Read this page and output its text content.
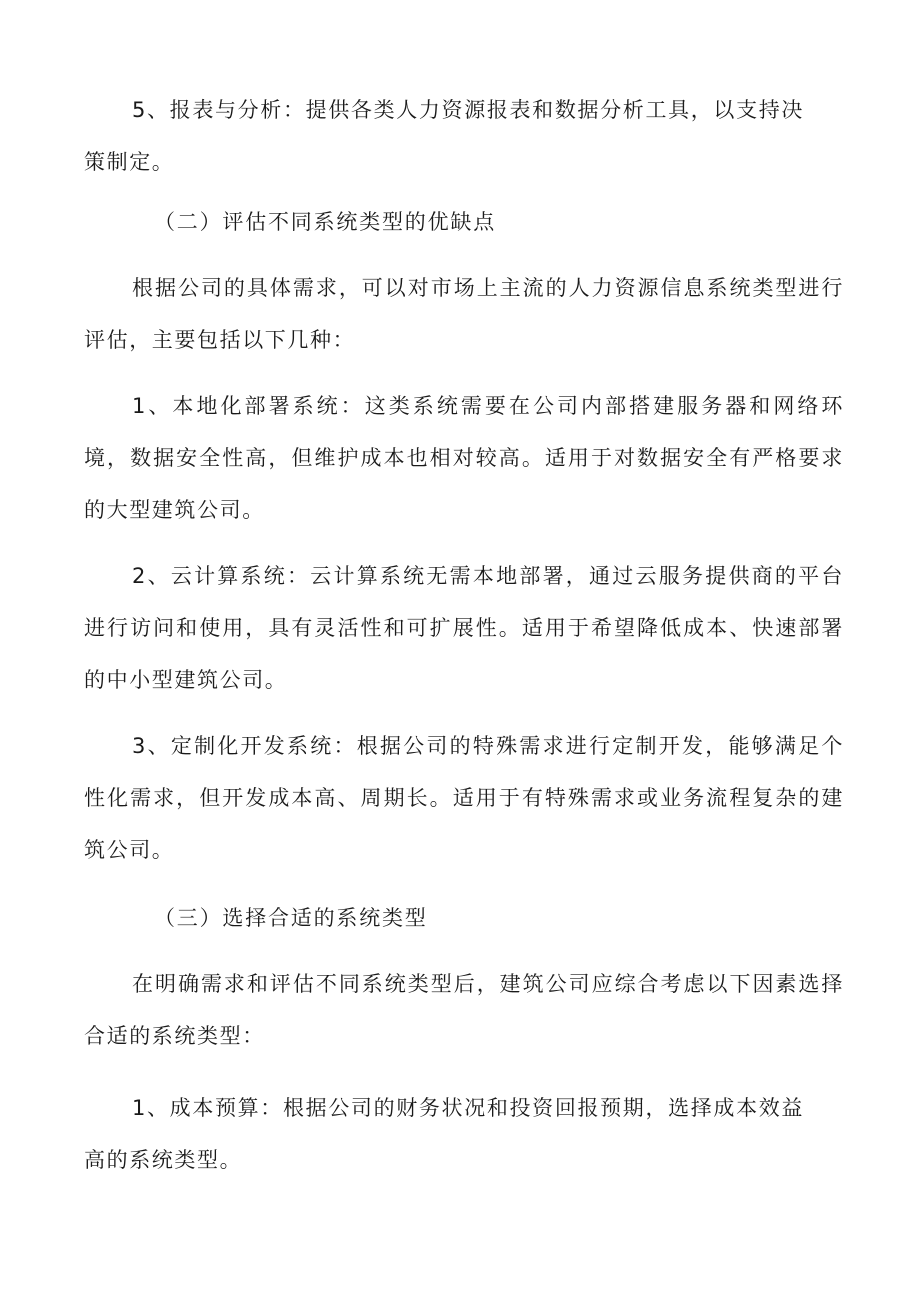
5、报表与分析：提供各类人力资源报表和数据分析工具，以支持决策制定。

（二）评估不同系统类型的优缺点

根据公司的具体需求，可以对市场上主流的人力资源信息系统类型进行评估，主要包括以下几种：

1、本地化部署系统：这类系统需要在公司内部搭建服务器和网络环境，数据安全性高，但维护成本也相对较高。适用于对数据安全有严格要求的大型建筑公司。

2、云计算系统：云计算系统无需本地部署，通过云服务提供商的平台进行访问和使用，具有灵活性和可扩展性。适用于希望降低成本、快速部署的中小型建筑公司。

3、定制化开发系统：根据公司的特殊需求进行定制开发，能够满足个性化需求，但开发成本高、周期长。适用于有特殊需求或业务流程复杂的建筑公司。

（三）选择合适的系统类型

在明确需求和评估不同系统类型后，建筑公司应综合考虑以下因素选择合适的系统类型：

1、成本预算：根据公司的财务状况和投资回报预期，选择成本效益高的系统类型。
